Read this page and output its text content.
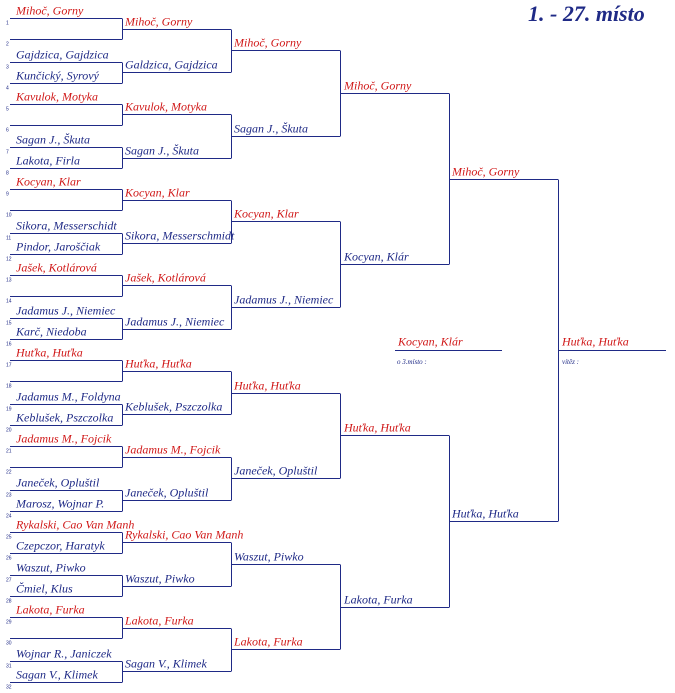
1. - 27. místo
Mihoč, Gorny
1
2
Gajdzica, Gajdzica
3
Kunčický, Syrový
4
Kavulok, Motyka
5
6
Sagan J., Škuta
7
Lakota, Firla
8
Kocyan, Klar
9
10
Sikora, Messerschidt
11
Pindor, Jaroščiak
12
Jašek, Kotlárová
13
14
Jadamus J., Niemiec
15
Karč, Niedoba
16
Huťka, Huťka
17
18
Jadamus M., Foldyna
19
Keblušek, Pszczolka
20
Jadamus M., Fojcik
21
22
Janeček, Opluštil
23
Marosz, Wojnar P.
24
Rykalski, Cao Van Manh
25
Czepczor, Haratyk
26
Waszut, Piwko
27
Čmiel, Klus
28
Lakota, Furka
29
30
Wojnar R., Janiczek
31
Sagan V., Klimek
32
Mihoč, Gorny
Galdzica, Gajdzica
Kavulok, Motyka
Sagan J., Škuta
Kocyan, Klar
Sikora, Messerschmidt
Jašek, Kotlárová
Jadamus J., Niemiec
Huťka, Huťka
Keblušek, Pszczolka
Jadamus M., Fojcik
Janeček, Opluštil
Rykalski, Cao Van Manh
Waszut, Piwko
Lakota, Furka
Sagan V., Klimek
Mihoč, Gorny
Sagan J., Škuta
Kocyan, Klar
Jadamus J., Niemiec
Huťka, Huťka
Janeček, Opluštil
Waszut, Piwko
Lakota, Furka
Mihoč, Gorny
Kocyan, Klár
Huťka, Huťka
Lakota, Furka
Mihoč, Gorny
Huťka, Huťka
Huťka, Huťka
Kocyan, Klár
o 3.místo :	vítěz :
